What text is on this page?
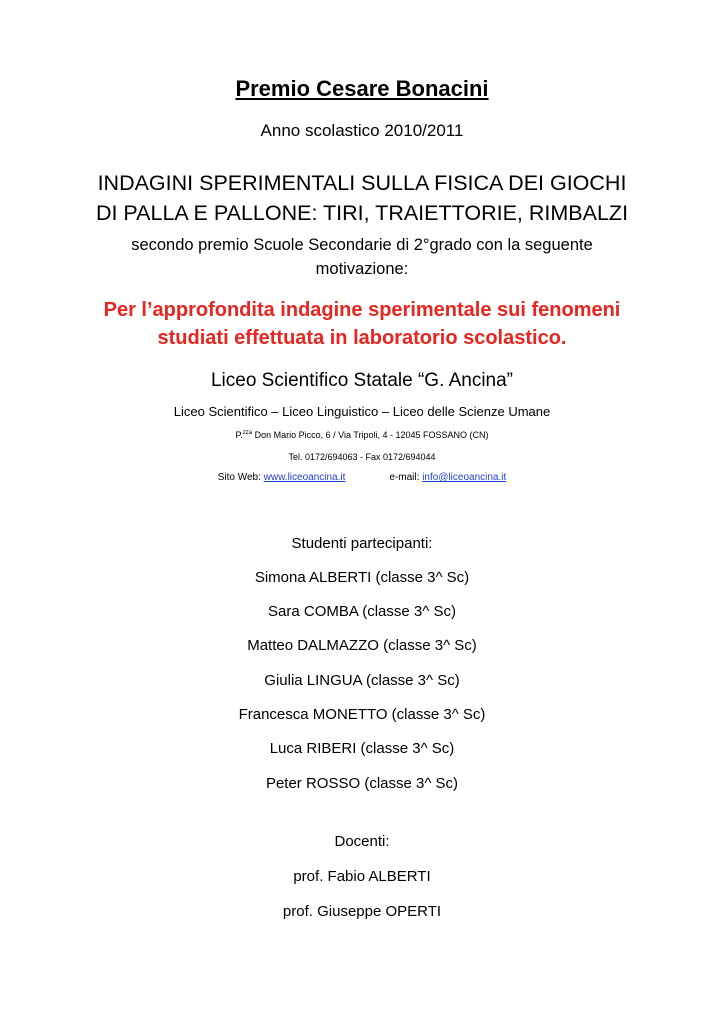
Premio Cesare Bonacini
Anno scolastico 2010/2011
INDAGINI SPERIMENTALI SULLA FISICA DEI GIOCHI
DI PALLA E PALLONE: TIRI, TRAIETTORIE, RIMBALZI
secondo premio Scuole Secondarie di 2°grado con la seguente
motivazione:
Per l’approfondita indagine sperimentale sui fenomeni
studiati effettuata in laboratorio scolastico.
Liceo Scientifico Statale “G. Ancina”
Liceo Scientifico – Liceo Linguistico – Liceo delle Scienze Umane
P.$^{zza}$ Don Mario Picco, 6 / Via Tripoli, 4 - 12045 FOSSANO (CN)
Tel. 0172/694063 - Fax 0172/694044
Sito Web: www.liceoancina.it	e-mail: info@liceoancina.it
Studenti partecipanti:
Simona ALBERTI (classe 3^ Sc)
Sara COMBA (classe 3^ Sc)
Matteo DALMAZZO (classe 3^ Sc)
Giulia LINGUA (classe 3^ Sc)
Francesca MONETTO (classe 3^ Sc)
Luca RIBERI (classe 3^ Sc)
Peter ROSSO (classe 3^ Sc)
Docenti:
prof. Fabio ALBERTI
prof. Giuseppe OPERTI
